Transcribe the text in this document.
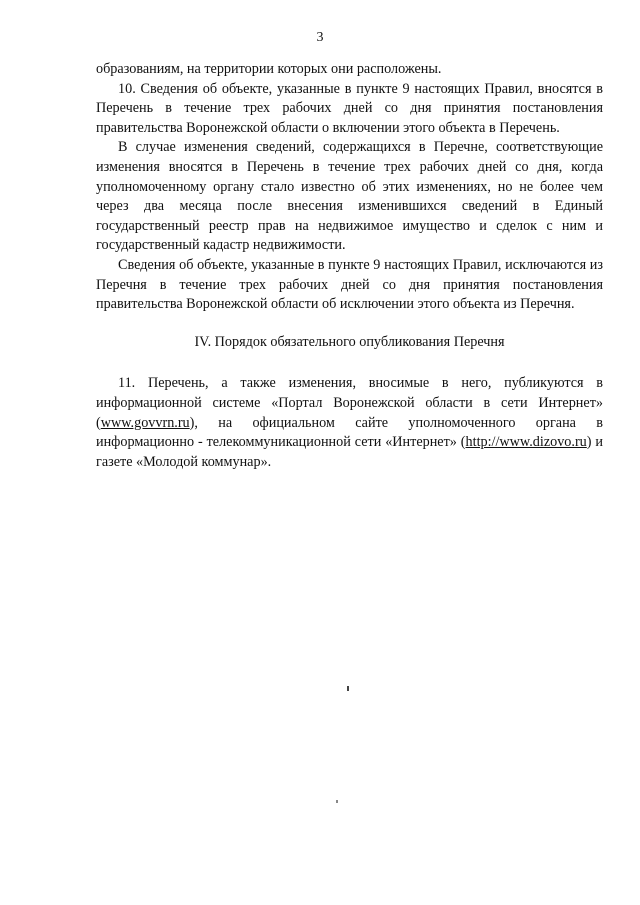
3

образованиям, на территории которых они расположены.

10. Сведения об объекте, указанные в пункте 9 настоящих Правил, вносятся в Перечень в течение трех рабочих дней со дня принятия постановления правительства Воронежской области о включении этого объекта в Перечень.

В случае изменения сведений, содержащихся в Перечне, соответствующие изменения вносятся в Перечень в течение трех рабочих дней со дня, когда уполномоченному органу стало известно об этих изменениях, но не более чем через два месяца после внесения изменившихся сведений в Единый государственный реестр прав на недвижимое имущество и сделок с ним и государственный кадастр недвижимости.

Сведения об объекте, указанные в пункте 9 настоящих Правил, исключаются из Перечня в течение трех рабочих дней со дня принятия постановления правительства Воронежской области об исключении этого объекта из Перечня.

IV. Порядок обязательного опубликования Перечня

11. Перечень, а также изменения, вносимые в него, публикуются в информационной системе «Портал Воронежской области в сети Интернет» (www.govvrn.ru), на официальном сайте уполномоченного органа в информационно - телекоммуникационной сети «Интернет» (http://www.dizovo.ru) и газете «Молодой коммунар».
